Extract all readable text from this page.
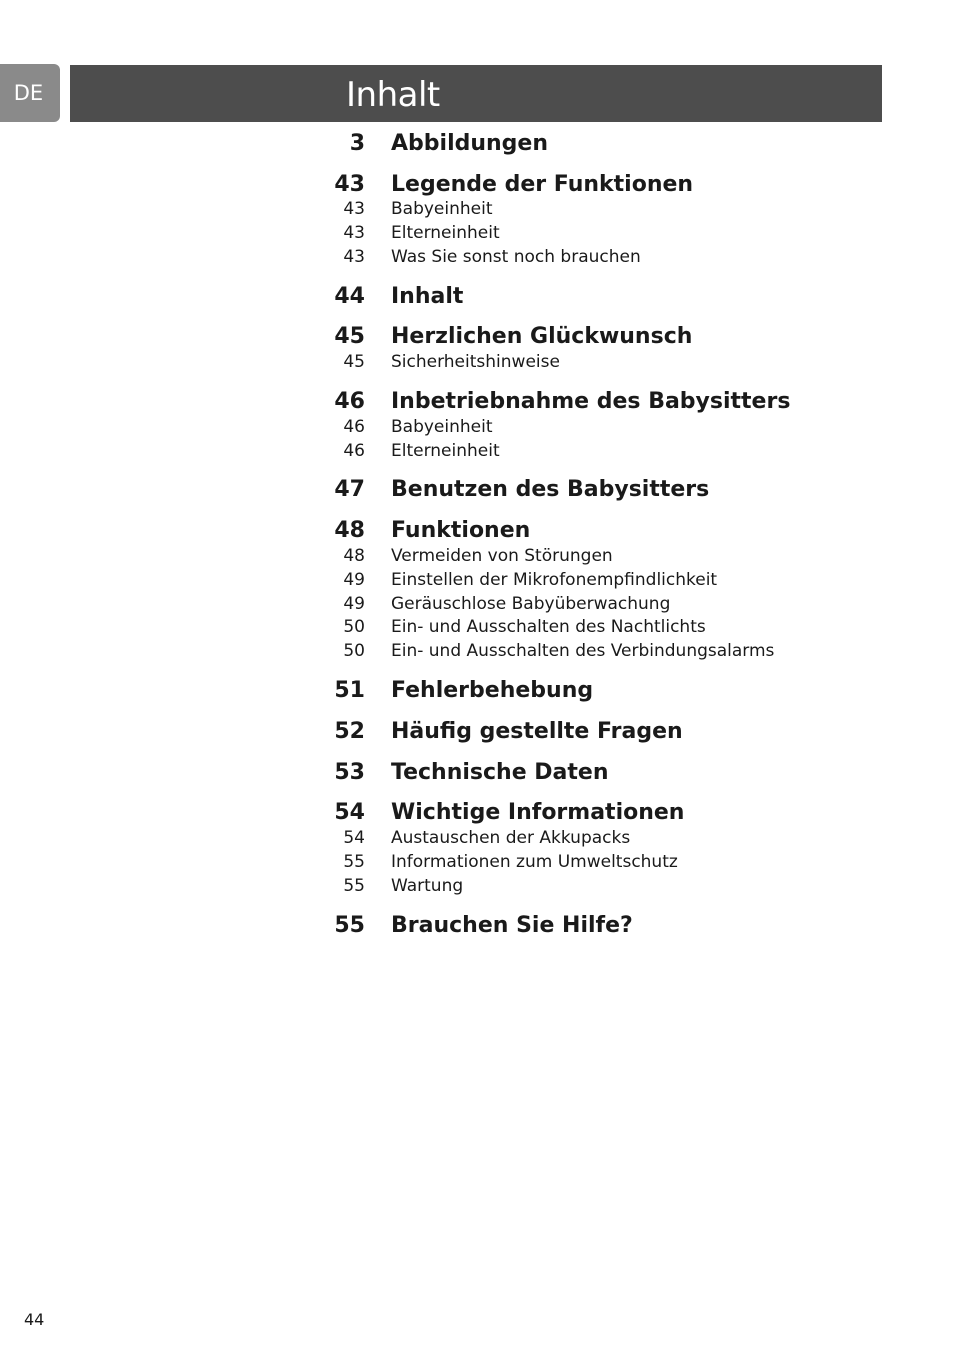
DE	Inhalt
3 Abbildungen
43 Legende der Funktionen
43 Babyeinheit
43 Elterneinheit
43 Was Sie sonst noch brauchen
44 Inhalt
45 Herzlichen Glückwunsch
45 Sicherheitshinweise
46 Inbetriebnahme des Babysitters
46 Babyeinheit
46 Elterneinheit
47 Benutzen des Babysitters
48 Funktionen
48 Vermeiden von Störungen
49 Einstellen der Mikrofonempfindlichkeit
49 Geräuschlose Babyüberwachung
50 Ein- und Ausschalten des Nachtlichts
50 Ein- und Ausschalten des Verbindungsalarms
51 Fehlerbehebung
52 Häufig gestellte Fragen
53 Technische Daten
54 Wichtige Informationen
54 Austauschen der Akkupacks
55 Informationen zum Umweltschutz
55 Wartung
55 Brauchen Sie Hilfe?
44
